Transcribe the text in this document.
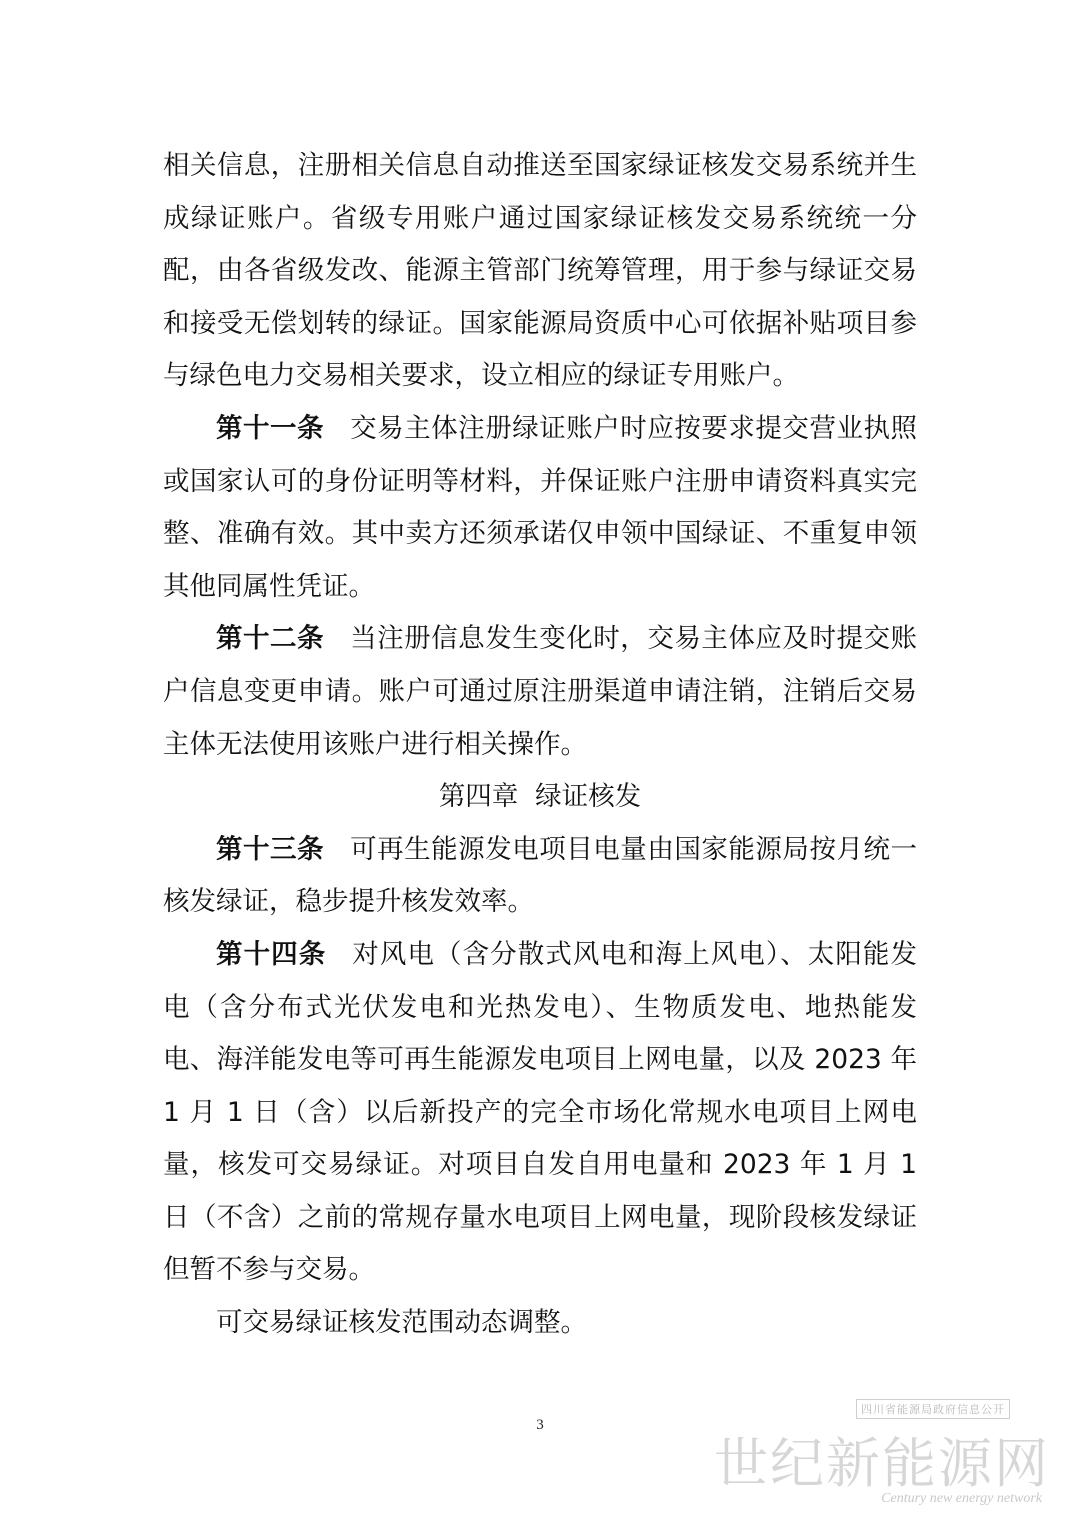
相关信息，注册相关信息自动推送至国家绿证核发交易系统并生成绿证账户。省级专用账户通过国家绿证核发交易系统统一分配，由各省级发改、能源主管部门统筹管理，用于参与绿证交易和接受无偿划转的绿证。国家能源局资质中心可依据补贴项目参与绿色电力交易相关要求，设立相应的绿证专用账户。

第十一条 交易主体注册绿证账户时应按要求提交营业执照或国家认可的身份证明等材料，并保证账户注册申请资料真实完整、准确有效。其中卖方还须承诺仅申领中国绿证、不重复申领其他同属性凭证。

第十二条 当注册信息发生变化时，交易主体应及时提交账户信息变更申请。账户可通过原注册渠道申请注销，注销后交易主体无法使用该账户进行相关操作。

第四章  绿证核发

第十三条 可再生能源发电项目电量由国家能源局按月统一核发绿证，稳步提升核发效率。

第十四条 对风电（含分散式风电和海上风电）、太阳能发电（含分布式光伏发电和光热发电）、生物质发电、地热能发电、海洋能发电等可再生能源发电项目上网电量，以及 2023 年 1 月 1 日（含）以后新投产的完全市场化常规水电项目上网电量，核发可交易绿证。对项目自发自用电量和 2023 年 1 月 1 日（不含）之前的常规存量水电项目上网电量，现阶段核发绿证但暂不参与交易。

可交易绿证核发范围动态调整。

3
四川省能源局政府信息公开
世纪新能源网
Century new energy network
